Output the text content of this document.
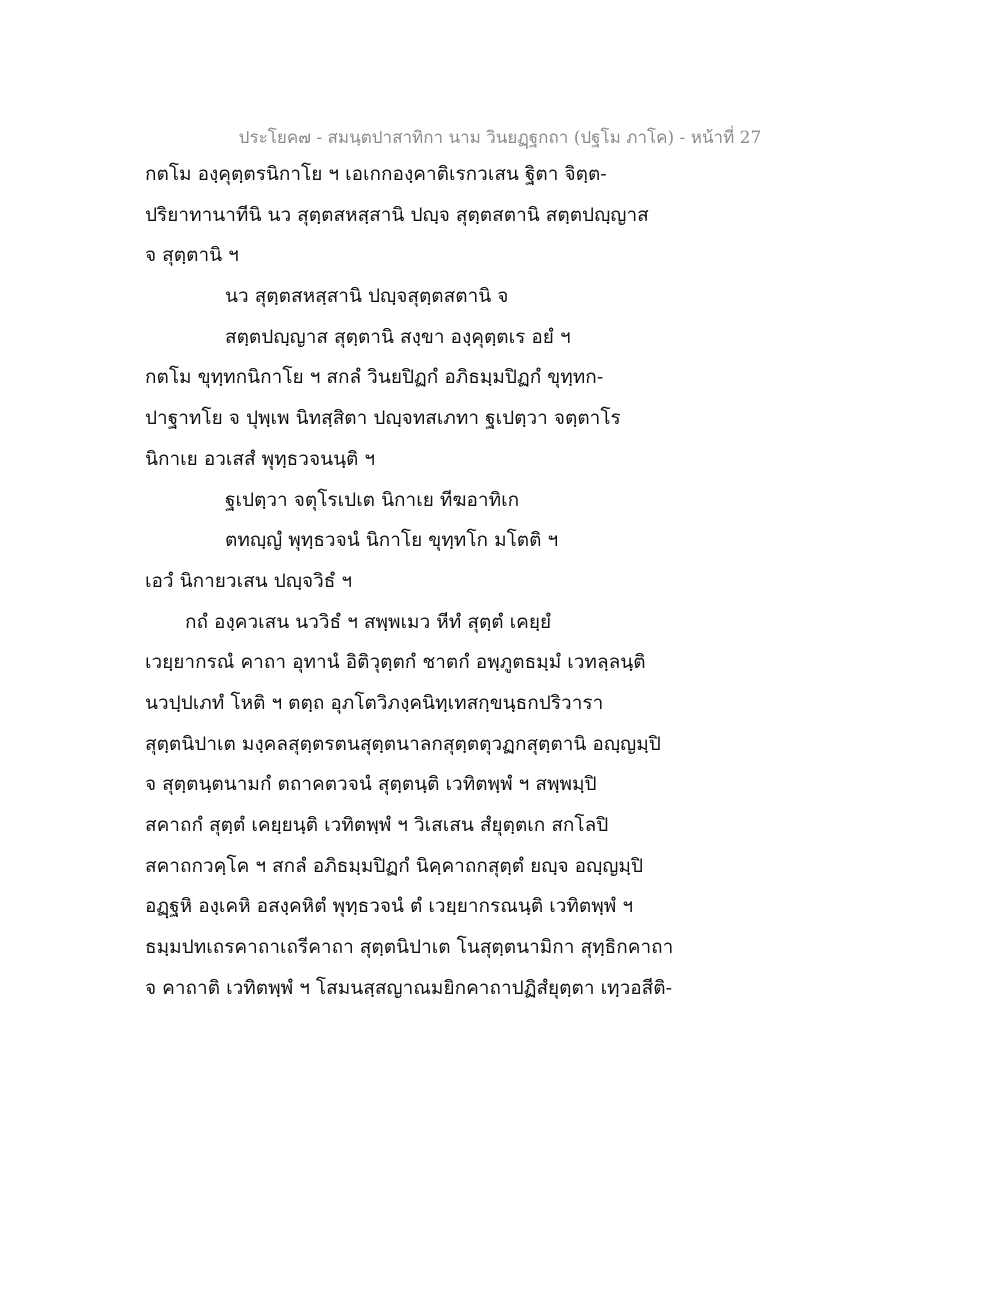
ประโยค๗ - สมนฺตปาสาทิกา นาม วินยฏฺฐกถา (ปฐโม ภาโค) - หน้าที่ 27
กตโม องฺคุตฺตรนิกาโย ฯ เอเกกองฺคาติเรกวเสน ฐิตา จิตฺต-
ปริยาทานาทีนิ นว สุตฺตสหสฺสานิ ปญฺจ สุตฺตสตานิ สตฺตปญฺญาส
จ สุตฺตานิ ฯ
นว สุตฺตสหสฺสานิ ปญฺจสุตฺตสตานิ จ
สตฺตปญฺญาส สุตฺตานิ สงฺขา องฺคุตฺตเร อยํ ฯ
กตโม ขุทฺทกนิกาโย ฯ สกลํ วินยปิฏกํ อภิธมฺมปิฏกํ ขุทฺทก-
ปาฐาทโย จ ปุพฺเพ นิทสฺสิตา ปญฺจทสเภทา ฐเปตฺวา จตฺตาโร
นิกาเย อวเสสํ พุทฺธวจนนฺติ ฯ
ฐเปตฺวา จตุโรเปเต นิกาเย ทีฆอาทิเก
ตทญฺญํ พุทฺธวจนํ นิกาโย ขุทฺทโก มโตติ ฯ
เอวํ นิกายวเสน ปญฺจวิธํ ฯ
กถํ องฺควเสน นววิธํ ฯ สพฺพเมว หีทํ สุตฺตํ เคยฺยํ
เวยฺยากรณํ คาถา อุทานํ อิติวุตฺตกํ ชาตกํ อพฺภูตธมฺมํ เวทลฺลนฺติ
นวปฺปเภทํ โหติ ฯ ตตฺถ อุภโตวิภงฺคนิทฺเทสกฺขนฺธกปริวารา
สุตฺตนิปาเต มงฺคลสุตฺตรตนสุตฺตนาลกสุตฺตตุวฏกสุตฺตานิ อญฺญมฺปิ
จ สุตฺตนฺตนามกํ ตถาคตวจนํ สุตฺตนฺติ เวทิตพฺพํ ฯ สพฺพมฺปิ
สคาถกํ สุตฺตํ เคยฺยนฺติ เวทิตพฺพํ ฯ วิเสเสน สํยุตฺตเก สกโลปิ
สคาถกวคฺโค ฯ สกลํ อภิธมฺมปิฏกํ นิคฺคาถกสุตฺตํ ยญฺจ อญฺญมฺปิ
อฏฺฐหิ องฺเคหิ อสงฺคหิตํ พุทฺธวจนํ ตํ เวยฺยากรณนฺติ เวทิตพฺพํ ฯ
ธมฺมปทเถรคาถาเถรีคาถา สุตฺตนิปาเต โนสุตฺตนามิกา สุทฺธิกคาถา
จ คาถาติ เวทิตพฺพํ ฯ โสมนสฺสญาณมยิกคาถาปฏิสํยุตฺตา เทฺวอสีติ-
